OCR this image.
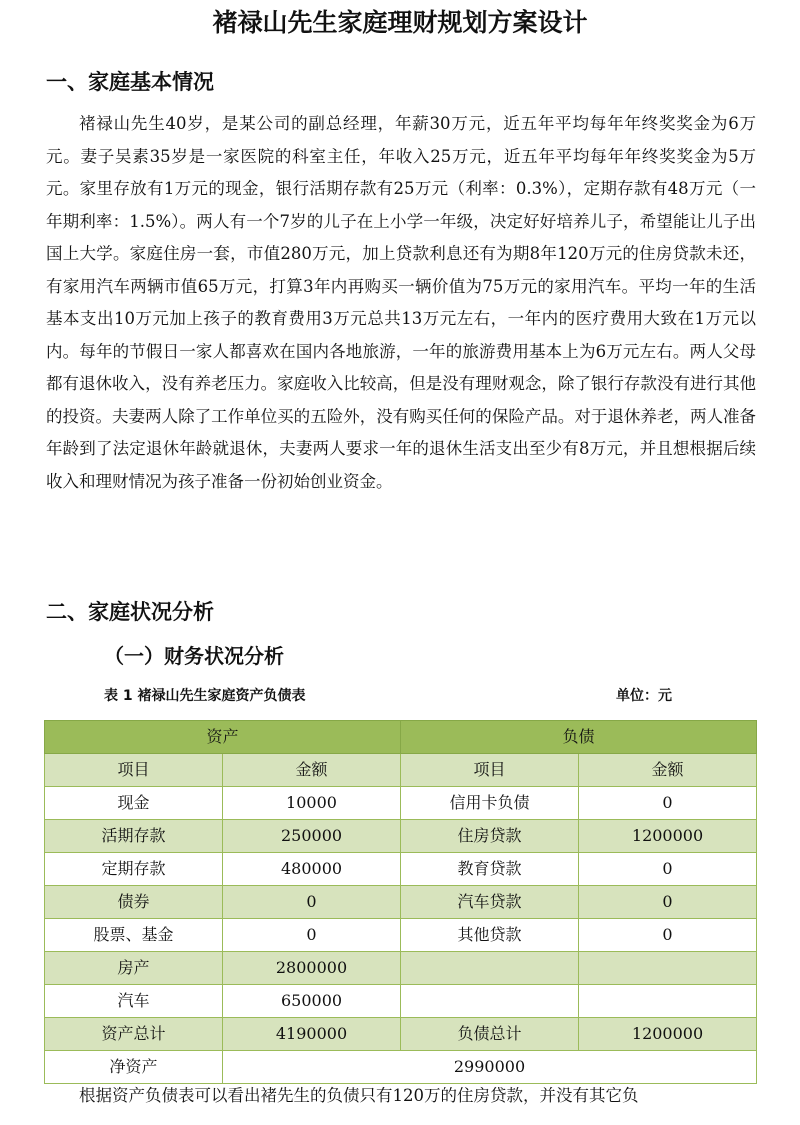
褚禄山先生家庭理财规划方案设计
一、家庭基本情况

褚禄山先生40岁，是某公司的副总经理，年薪30万元，近五年平均每年年终奖奖金为6万元。妻子吴素35岁是一家医院的科室主任，年收入25万元，近五年平均每年年终奖奖金为5万元。家里存放有1万元的现金，银行活期存款有25万元（利率：0.3%），定期存款有48万元（一年期利率：1.5%）。两人有一个7岁的儿子在上小学一年级，决定好好培养儿子，希望能让儿子出国上大学。家庭住房一套，市值280万元，加上贷款利息还有为期8年120万元的住房贷款未还，有家用汽车两辆市值65万元，打算3年内再购买一辆价值为75万元的家用汽车。平均一年的生活基本支出10万元加上孩子的教育费用3万元总共13万元左右，一年内的医疗费用大致在1万元以内。每年的节假日一家人都喜欢在国内各地旅游，一年的旅游费用基本上为6万元左右。两人父母都有退休收入，没有养老压力。家庭收入比较高，但是没有理财观念，除了银行存款没有进行其他的投资。夫妻两人除了工作单位买的五险外，没有购买任何的保险产品。对于退休养老，两人准备年龄到了法定退休年龄就退休，夫妻两人要求一年的退休生活支出至少有8万元，并且想根据后续收入和理财情况为孩子准备一份初始创业资金。

二、家庭状况分析
（一）财务状况分析
表 1 褚禄山先生家庭资产负债表	单位：元
资产		负债	
项目	金额	项目	金额
现金	10000	信用卡负债	0
活期存款	250000	住房贷款	1200000
定期存款	480000	教育贷款	0
债券	0	汽车贷款	0
股票、基金	0	其他贷款	0
房产	2800000		
汽车	650000		
资产总计	4190000	负债总计	1200000
净资产	2990000		

根据资产负债表可以看出褚先生的负债只有120万的住房贷款，并没有其它负
